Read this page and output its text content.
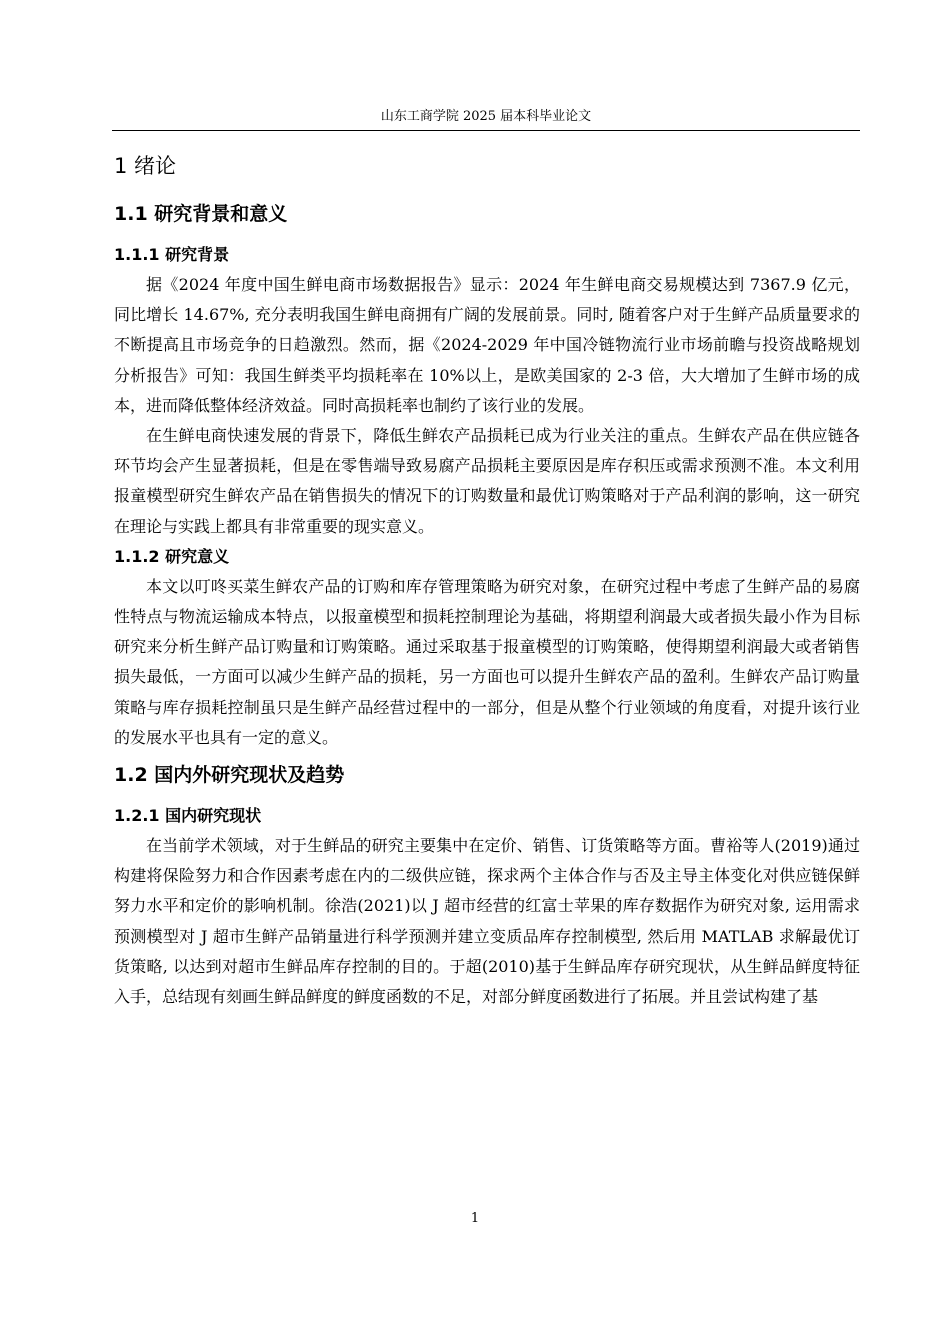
山东工商学院 2025 届本科毕业论文
1 绪论
1.1 研究背景和意义
1.1.1 研究背景

据《2024 年度中国生鲜电商市场数据报告》显示：2024 年生鲜电商交易规模达到 7367.9 亿元， 同比增长 14.67%, 充分表明我国生鲜电商拥有广阔的发展前景。同时, 随着客户对于生鲜产品质量要求的不断提高且市场竞争的日趋激烈。然而，据《2024-2029 年中国冷链物流行业市场前瞻与投资战略规划分析报告》可知：我国生鲜类平均损耗率在 10%以上，是欧美国家的 2-3 倍，大大增加了生鲜市场的成本，进而降低整体经济效益。同时高损耗率也制约了该行业的发展。

在生鲜电商快速发展的背景下，降低生鲜农产品损耗已成为行业关注的重点。生鲜农产品在供应链各环节均会产生显著损耗，但是在零售端导致易腐产品损耗主要原因是库存积压或需求预测不准。本文利用报童模型研究生鲜农产品在销售损失的情况下的订购数量和最优订购策略对于产品利润的影响，这一研究在理论与实践上都具有非常重要的现实意义。

1.1.2 研究意义

本文以叮咚买菜生鲜农产品的订购和库存管理策略为研究对象，在研究过程中考虑了生鲜产品的易腐性特点与物流运输成本特点，以报童模型和损耗控制理论为基础，将期望利润最大或者损失最小作为目标研究来分析生鲜产品订购量和订购策略。通过采取基于报童模型的订购策略，使得期望利润最大或者销售损失最低，一方面可以减少生鲜产品的损耗，另一方面也可以提升生鲜农产品的盈利。生鲜农产品订购量策略与库存损耗控制虽只是生鲜产品经营过程中的一部分，但是从整个行业领域的角度看，对提升该行业的发展水平也具有一定的意义。

1.2 国内外研究现状及趋势
1.2.1 国内研究现状

在当前学术领域，对于生鲜品的研究主要集中在定价、销售、订货策略等方面。曹裕等人(2019)通过构建将保险努力和合作因素考虑在内的二级供应链，探求两个主体合作与否及主导主体变化对供应链保鲜努力水平和定价的影响机制。徐浩(2021)以 J 超市经营的红富士苹果的库存数据作为研究对象, 运用需求预测模型对 J 超市生鲜产品销量进行科学预测并建立变质品库存控制模型, 然后用 MATLAB 求解最优订货策略, 以达到对超市生鲜品库存控制的目的。于超(2010)基于生鲜品库存研究现状，从生鲜品鲜度特征入手，总结现有刻画生鲜品鲜度的鲜度函数的不足，对部分鲜度函数进行了拓展。并且尝试构建了基

1
